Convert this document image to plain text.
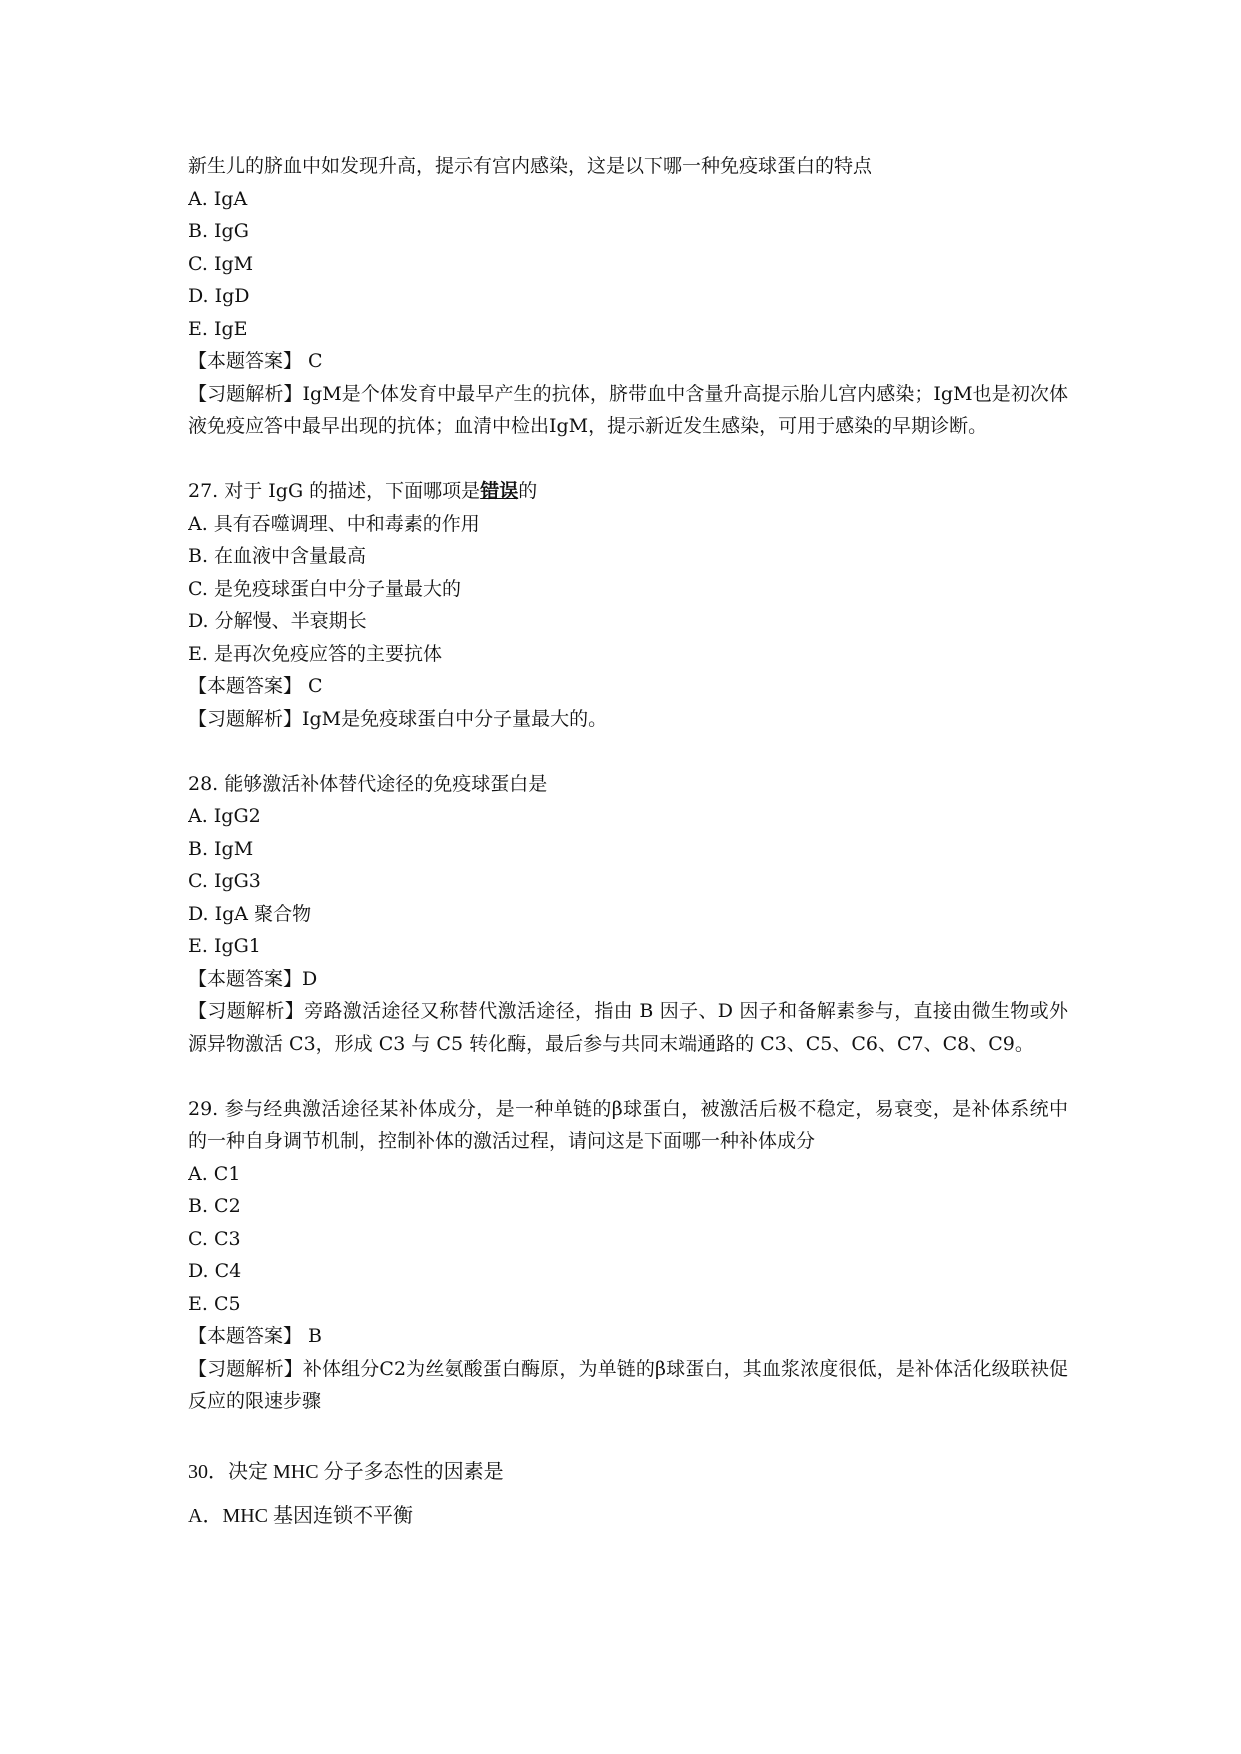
新生儿的脐血中如发现升高，提示有宫内感染，这是以下哪一种免疫球蛋白的特点
A. IgA
B. IgG
C. IgM
D. IgD
E. IgE
【本题答案】 C
【习题解析】IgM是个体发育中最早产生的抗体，脐带血中含量升高提示胎儿宫内感染；IgM也是初次体液免疫应答中最早出现的抗体；血清中检出IgM，提示新近发生感染，可用于感染的早期诊断。
27. 对于 IgG 的描述，下面哪项是错误的
A. 具有吞噬调理、中和毒素的作用
B. 在血液中含量最高
C. 是免疫球蛋白中分子量最大的
D. 分解慢、半衰期长
E. 是再次免疫应答的主要抗体
【本题答案】 C
【习题解析】IgM是免疫球蛋白中分子量最大的。
28. 能够激活补体替代途径的免疫球蛋白是
A. IgG2
B. IgM
C. IgG3
D. IgA 聚合物
E. IgG1
【本题答案】D
【习题解析】旁路激活途径又称替代激活途径，指由 B 因子、D 因子和备解素参与，直接由微生物或外源异物激活 C3，形成 C3 与 C5 转化酶，最后参与共同末端通路的 C3、C5、C6、C7、C8、C9。
29. 参与经典激活途径某补体成分，是一种单链的β球蛋白，被激活后极不稳定，易衰变，是补体系统中的一种自身调节机制，控制补体的激活过程，请问这是下面哪一种补体成分
A. C1
B. C2
C. C3
D. C4
E. C5
【本题答案】 B
【习题解析】补体组分C2为丝氨酸蛋白酶原，为单链的β球蛋白，其血浆浓度很低，是补体活化级联袂促反应的限速步骤
30．决定 MHC 分子多态性的因素是
A．MHC 基因连锁不平衡
